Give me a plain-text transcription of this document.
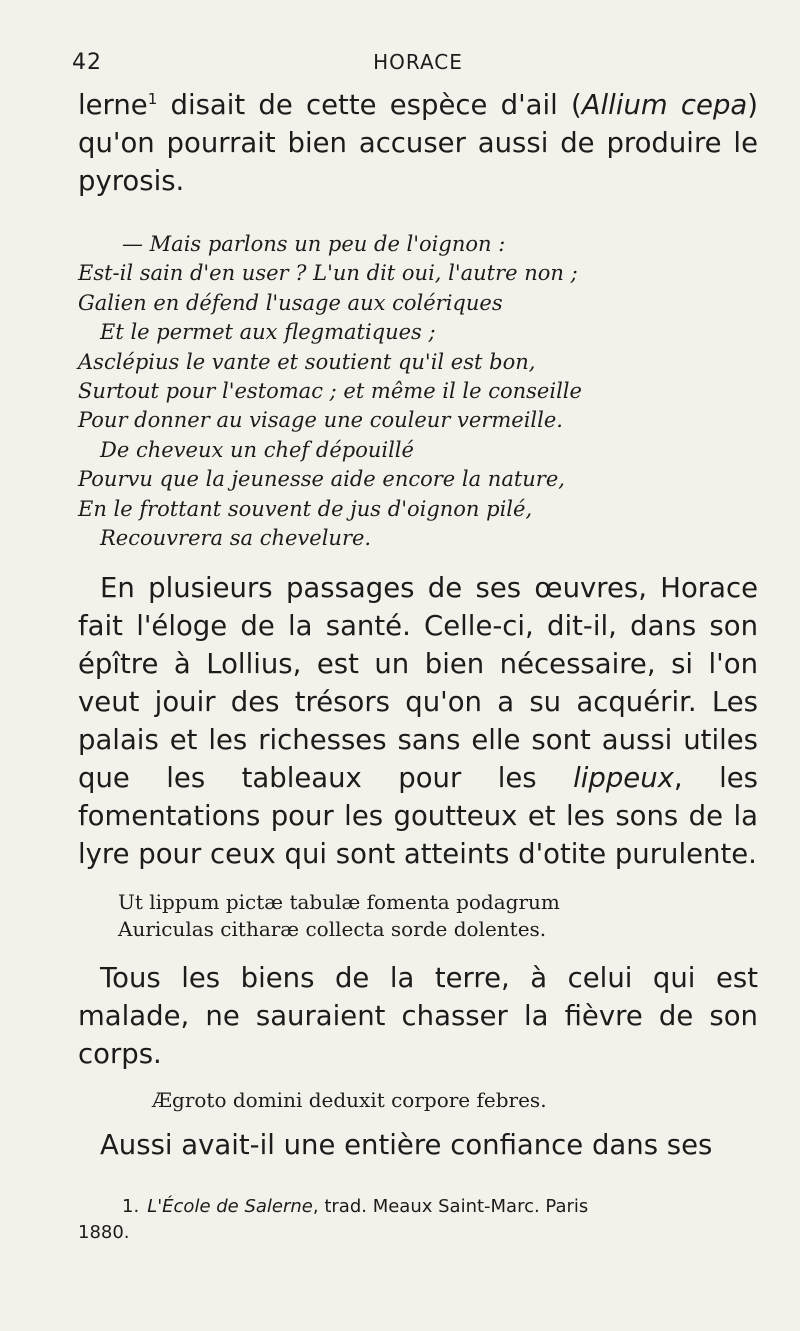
42	HORACE

lerne$^1$ disait de cette espèce d'ail (Allium cepa) qu'on pourrait bien accuser aussi de produire le pyrosis.

— Mais parlons un peu de l'oignon :
Est-il sain d'en user ? L'un dit oui, l'autre non ;
Galien en défend l'usage aux colériques
Et le permet aux flegmatiques ;
Asclépius le vante et soutient qu'il est bon,
Surtout pour l'estomac ; et même il le conseille
Pour donner au visage une couleur vermeille.
De cheveux un chef dépouillé
Pourvu que la jeunesse aide encore la nature,
En le frottant souvent de jus d'oignon pilé,
Recouvrera sa chevelure.

En plusieurs passages de ses œuvres, Horace fait l'éloge de la santé. Celle-ci, dit-il, dans son épître à Lollius, est un bien nécessaire, si l'on veut jouir des trésors qu'on a su acquérir. Les palais et les richesses sans elle sont aussi utiles que les tableaux pour les lippeux, les fomentations pour les goutteux et les sons de la lyre pour ceux qui sont atteints d'otite purulente.

Ut lippum pictæ tabulæ fomenta podagrum
Auriculas citharæ collecta sorde dolentes.

Tous les biens de la terre, à celui qui est malade, ne sauraient chasser la fièvre de son corps.

Ægroto domini deduxit corpore febres.

Aussi avait-il une entière confiance dans ses

1. L'École de Salerne, trad. Meaux Saint-Marc. Paris
1880.
